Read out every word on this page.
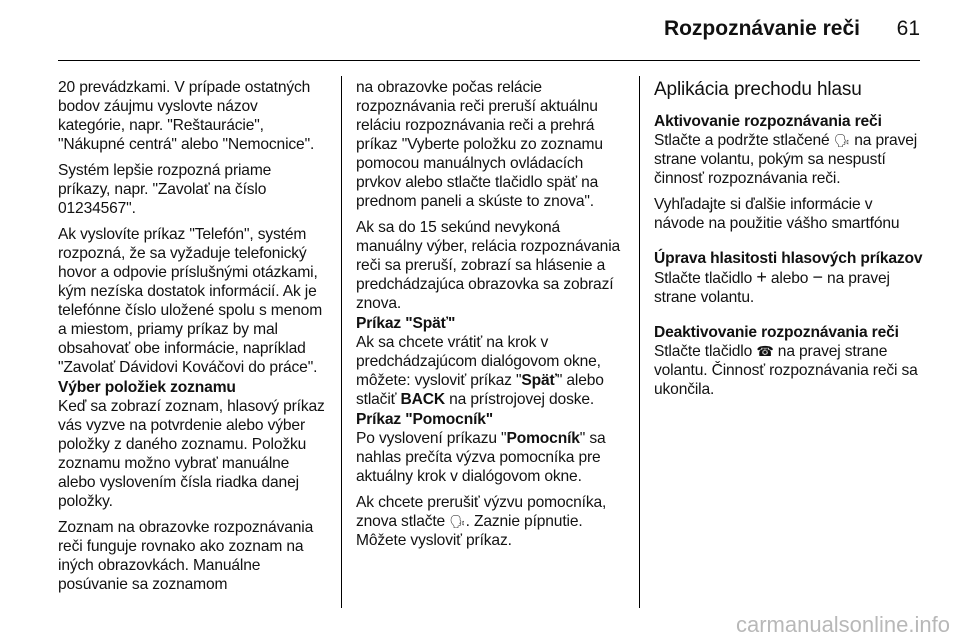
Rozpoznávanie reči	61

20 prevádzkami. V prípade ostatných bodov záujmu vyslovte názov kategórie, napr. "Reštaurácie", "Nákupné centrá" alebo "Nemocnice".

Systém lepšie rozpozná priame príkazy, napr. "Zavolať na číslo 01234567".

Ak vyslovíte príkaz "Telefón", systém rozpozná, že sa vyžaduje telefonický hovor a odpovie príslušnými otázkami, kým nezíska dostatok informácií. Ak je telefónne číslo uložené spolu s menom a miestom, priamy príkaz by mal obsahovať obe informácie, napríklad "Zavolať Dávidovi Kováčovi do práce".

Výber položiek zoznamu

Keď sa zobrazí zoznam, hlasový príkaz vás vyzve na potvrdenie alebo výber položky z daného zoznamu. Položku zoznamu možno vybrať manuálne alebo vyslovením čísla riadka danej položky.

Zoznam na obrazovke rozpoznávania reči funguje rovnako ako zoznam na iných obrazovkách. Manuálne posúvanie sa zoznamom

na obrazovke počas relácie rozpoznávania reči preruší aktuálnu reláciu rozpoznávania reči a prehrá príkaz "Vyberte položku zo zoznamu pomocou manuálnych ovládacích prvkov alebo stlačte tlačidlo späť na prednom paneli a skúste to znova".

Ak sa do 15 sekúnd nevykoná manuálny výber, relácia rozpoznávania reči sa preruší, zobrazí sa hlásenie a predchádzajúca obrazovka sa zobrazí znova.

Príkaz "Späť"

Ak sa chcete vrátiť na krok v predchádzajúcom dialógovom okne, môžete: vysloviť príkaz "Späť" alebo stlačiť BACK na prístrojovej doske.

Príkaz "Pomocník"

Po vyslovení príkazu "Pomocník" sa nahlas prečíta výzva pomocníka pre aktuálny krok v dialógovom okne.

Ak chcete prerušiť výzvu pomocníka, znova stlačte 🗣. Zaznie pípnutie. Môžete vysloviť príkaz.

Aplikácia prechodu hlasu
Aktivovanie rozpoznávania reči

Stlačte a podržte stlačené 🗣 na pravej strane volantu, pokým sa nespustí činnosť rozpoznávania reči.

Vyhľadajte si ďalšie informácie v návode na použitie vášho smartfónu

Úprava hlasitosti hlasových príkazov

Stlačte tlačidlo + alebo − na pravej strane volantu.

Deaktivovanie rozpoznávania reči

Stlačte tlačidlo ☎ na pravej strane volantu. Činnosť rozpoznávania reči sa ukončila.

carmanualsonline.info
